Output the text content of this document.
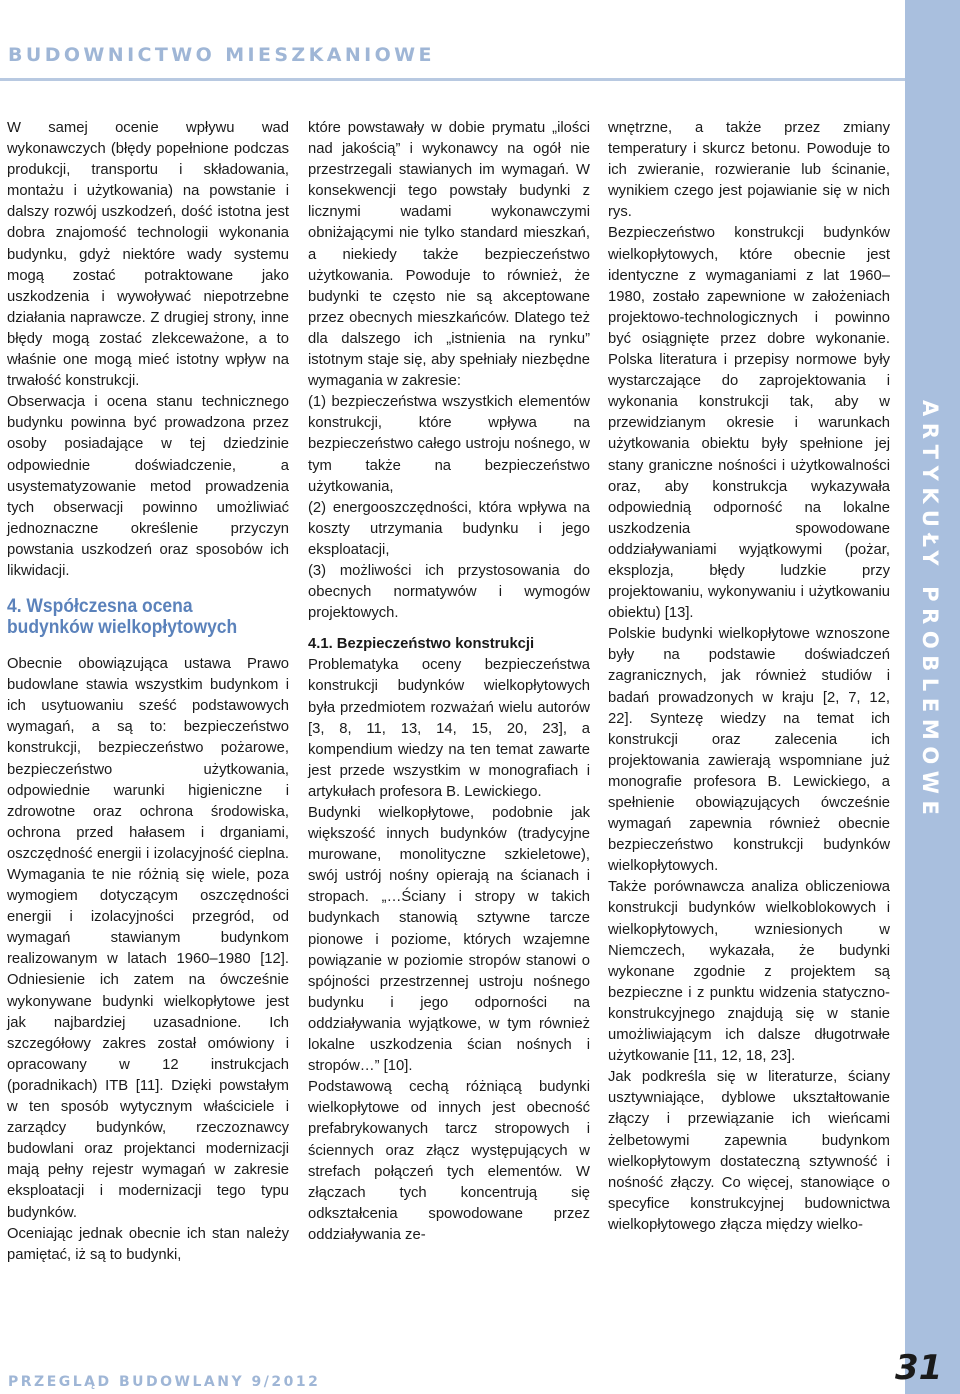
BUDOWNICTWO MIESZKANIOWE
ARTYKUŁY PROBLEMOWE

W samej ocenie wpływu wad wykonawczych (błędy popełnione podczas produkcji, transportu i składowania, montażu i użytkowania) na powstanie i dalszy rozwój uszkodzeń, dość istotna jest dobra znajomość technologii wykonania budynku, gdyż niektóre wady systemu mogą zostać potraktowane jako uszkodzenia i wywoływać niepotrzebne działania naprawcze. Z drugiej strony, inne błędy mogą zostać zlekceważone, a to właśnie one mogą mieć istotny wpływ na trwałość konstrukcji.

Obserwacja i ocena stanu technicznego budynku powinna być prowadzona przez osoby posiadające w tej dziedzinie odpowiednie doświadczenie, a usystematyzowanie metod prowadzenia tych obserwacji powinno umożliwiać jednoznaczne określenie przyczyn powstania uszkodzeń oraz sposobów ich likwidacji.

4. Współczesna ocena budynków wielkopłytowych

Obecnie obowiązująca ustawa Prawo budowlane stawia wszystkim budynkom i ich usytuowaniu sześć podstawowych wymagań, a są to: bezpieczeństwo konstrukcji, bezpieczeństwo pożarowe, bezpieczeństwo użytkowania, odpowiednie warunki higieniczne i zdrowotne oraz ochrona środowiska, ochrona przed hałasem i drganiami, oszczędność energii i izolacyjność cieplna. Wymagania te nie różnią się wiele, poza wymogiem dotyczącym oszczędności energii i izolacyjności przegród, od wymagań stawianym budynkom realizowanym w latach 1960–1980 [12]. Odniesienie ich zatem na ówcześnie wykonywane budynki wielkopłytowe jest jak najbardziej uzasadnione. Ich szczegółowy zakres został omówiony i opracowany w 12 instrukcjach (poradnikach) ITB [11]. Dzięki powstałym w ten sposób wytycznym właściciele i zarządcy budynków, rzeczoznawcy budowlani oraz projektanci modernizacji mają pełny rejestr wymagań w zakresie eksploatacji i modernizacji tego typu budynków.

Oceniając jednak obecnie ich stan należy pamiętać, iż są to budynki,

które powstawały w dobie prymatu „ilości nad jakością” i wykonawcy na ogół nie przestrzegali stawianych im wymagań. W konsekwencji tego powstały budynki z licznymi wadami wykonawczymi obniżającymi nie tylko standard mieszkań, a niekiedy także bezpieczeństwo użytkowania. Powoduje to również, że budynki te często nie są akceptowane przez obecnych mieszkańców. Dlatego też dla dalszego ich „istnienia na rynku” istotnym staje się, aby spełniały niezbędne wymagania w zakresie:

(1) bezpieczeństwa wszystkich elementów konstrukcji, które wpływa na bezpieczeństwo całego ustroju nośnego, w tym także na bezpieczeństwo użytkowania,

(2) energooszczędności, która wpływa na koszty utrzymania budynku i jego eksploatacji,

(3) możliwości ich przystosowania do obecnych normatywów i wymogów projektowych.

4.1. Bezpieczeństwo konstrukcji

Problematyka oceny bezpieczeństwa konstrukcji budynków wielkopłytowych była przedmiotem rozważań wielu autorów [3, 8, 11, 13, 14, 15, 20, 23], a kompendium wiedzy na ten temat zawarte jest przede wszystkim w monografiach i artykułach profesora B. Lewickiego.

Budynki wielkopłytowe, podobnie jak większość innych budynków (tradycyjne murowane, monolityczne szkieletowe), swój ustrój nośny opierają na ścianach i stropach. „…Ściany i stropy w takich budynkach stanowią sztywne tarcze pionowe i poziome, których wzajemne powiązanie w poziomie stropów stanowi o spójności przestrzennej ustroju nośnego budynku i jego odporności na oddziaływania wyjątkowe, w tym również lokalne uszkodzenia ścian nośnych i stropów…” [10].

Podstawową cechą różniącą budynki wielkopłytowe od innych jest obecność prefabrykowanych tarcz stropowych i ściennych oraz złącz występujących w strefach połączeń tych elementów. W złączach tych koncentrują się odkształcenia spowodowane przez oddziaływania ze-

wnętrzne, a także przez zmiany temperatury i skurcz betonu. Powoduje to ich zwieranie, rozwieranie lub ścinanie, wynikiem czego jest pojawianie się w nich rys.

Bezpieczeństwo konstrukcji budynków wielkopłytowych, które obecnie jest identyczne z wymaganiami z lat 1960–1980, zostało zapewnione w założeniach projektowo-technologicznych i powinno być osiągnięte przez dobre wykonanie. Polska literatura i przepisy normowe były wystarczające do zaprojektowania i wykonania konstrukcji tak, aby w przewidzianym okresie i warunkach użytkowania obiektu były spełnione jej stany graniczne nośności i użytkowalności oraz, aby konstrukcja wykazywała odpowiednią odporność na lokalne uszkodzenia spowodowane oddziaływaniami wyjątkowymi (pożar, eksplozja, błędy ludzkie przy projektowaniu, wykonywaniu i użytkowaniu obiektu) [13].

Polskie budynki wielkopłytowe wznoszone były na podstawie doświadczeń zagranicznych, jak również studiów i badań prowadzonych w kraju [2, 7, 12, 22]. Syntezę wiedzy na temat ich konstrukcji oraz zalecenia ich projektowania zawierają wspomniane już monografie profesora B. Lewickiego, a spełnienie obowiązujących ówcześnie wymagań zapewnia również obecnie bezpieczeństwo konstrukcji budynków wielkopłytowych.

Także porównawcza analiza obliczeniowa konstrukcji budynków wielkoblokowych i wielkopłytowych, wzniesionych w Niemczech, wykazała, że budynki wykonane zgodnie z projektem są bezpieczne i z punktu widzenia statyczno-konstrukcyjnego znajdują się w stanie umożliwiającym ich dalsze długotrwałe użytkowanie [11, 12, 18, 23].

Jak podkreśla się w literaturze, ściany usztywniające, dyblowe ukształtowanie złączy i przewiązanie ich wieńcami żelbetowymi zapewnia budynkom wielkopłytowym dostateczną sztywność i nośność złączy. Co więcej, stanowiące o specyfice konstrukcyjnej budownictwa wielkopłytowego złącza między wielko-

PRZEGLĄD BUDOWLANY 9/2012	31
